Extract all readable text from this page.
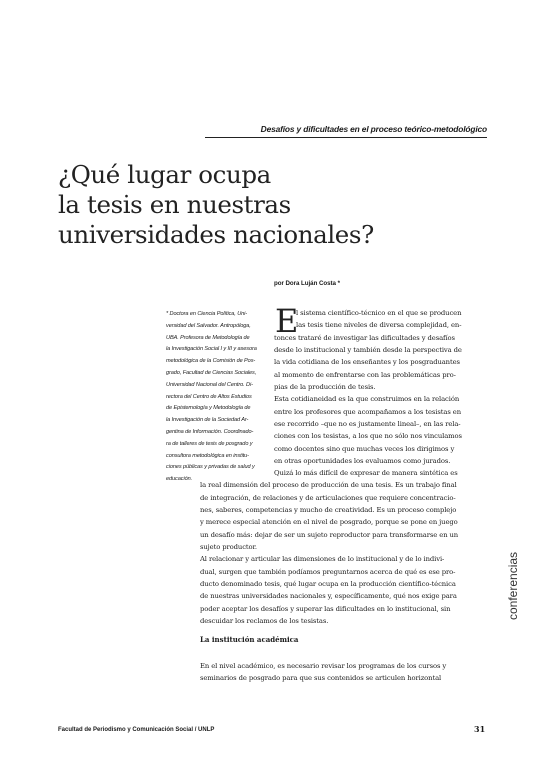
Desafíos y dificultades en el proceso teórico-metodológico
¿Qué lugar ocupa
la tesis en nuestras
universidades nacionales?
por Dora Luján Costa *
* Doctora en Ciencia Política, Uni-
versidad del Salvador. Antropóloga,
UBA. Profesora de Metodología de
la Investigación Social I y III y asesora
metodológica de la Comisión de Pos-
grado, Facultad de Ciencias Sociales,
Universidad Nacional del Centro. Di-
rectora del Centro de Altos Estudios
de Epistemología y Metodología de
la Investigación de la Sociedad Ar-
gentina de Información. Coordinado-
ra de talleres de tesis de posgrado y
consultora metodológica en institu-
ciones públicas y privadas de salud y
educación.
E
l sistema científico-técnico en el que se producen
las tesis tiene niveles de diversa complejidad, en-
tonces trataré de investigar las dificultades y desafíos
desde lo institucional y también desde la perspectiva de
la vida cotidiana de los enseñantes y los posgraduantes
al momento de enfrentarse con las problemáticas pro-
pias de la producción de tesis.
Esta cotidianeidad es la que construimos en la relación
entre los profesores que acompañamos a los tesistas en
ese recorrido –que no es justamente lineal–, en las rela-
ciones con los tesistas, a los que no sólo nos vinculamos
como docentes sino que muchas veces los dirigimos y
en otras oportunidades los evaluamos como jurados.
Quizá lo más difícil de expresar de manera sintética es
la real dimensión del proceso de producción de una tesis. Es un trabajo final
de integración, de relaciones y de articulaciones que requiere concentracio-
nes, saberes, competencias y mucho de creatividad. Es un proceso complejo
y merece especial atención en el nivel de posgrado, porque se pone en juego
un desafío más: dejar de ser un sujeto reproductor para transformarse en un
sujeto productor.
Al relacionar y articular las dimensiones de lo institucional y de lo indivi-
dual, surgen que también podíamos preguntarnos acerca de qué es ese pro-
ducto denominado tesis, qué lugar ocupa en la producción científico-técnica
de nuestras universidades nacionales y, específicamente, qué nos exige para
poder aceptar los desafíos y superar las dificultades en lo institucional, sin
descuidar los reclamos de los tesistas.
La institución académica
En el nivel académico, es necesario revisar los programas de los cursos y
seminarios de posgrado para que sus contenidos se articulen horizontal
conferencias
Facultad de Periodismo y Comunicación Social / UNLP	31
